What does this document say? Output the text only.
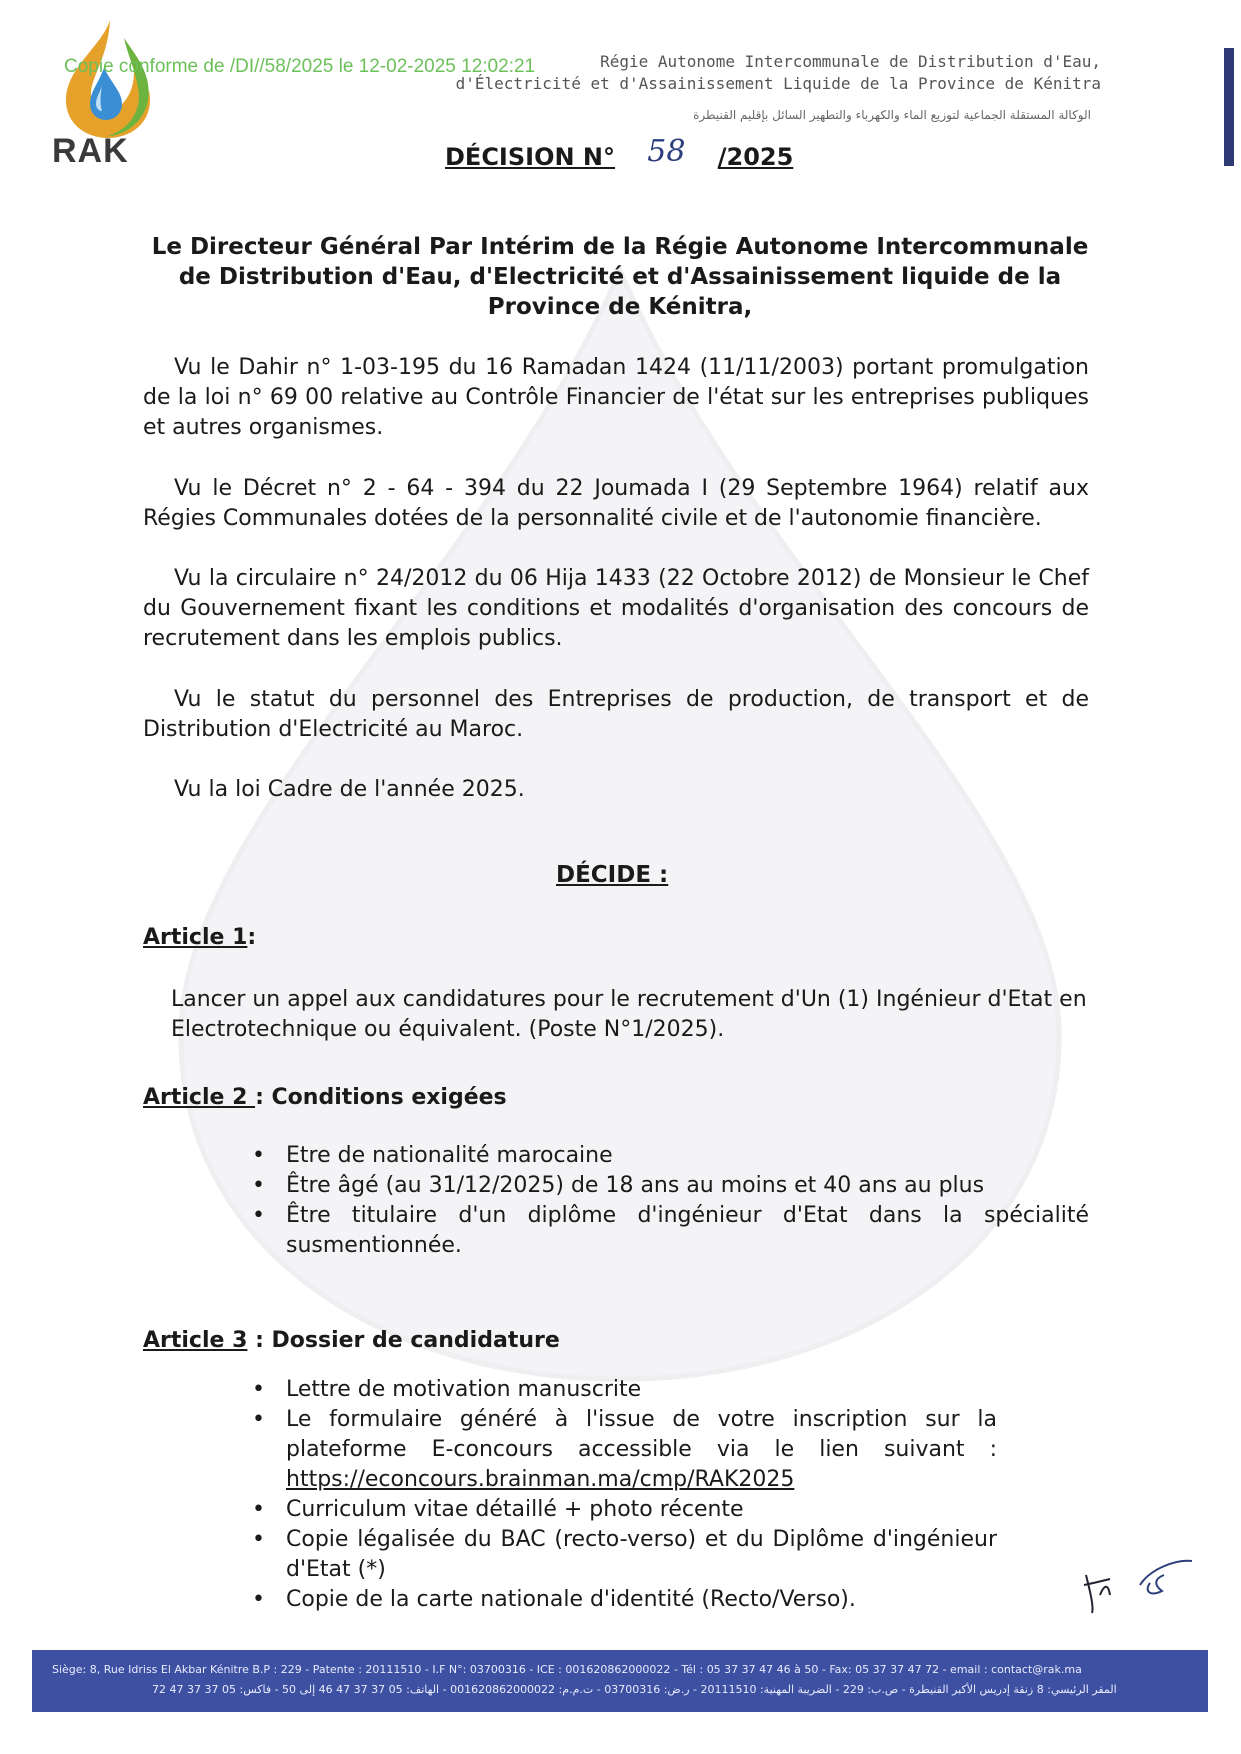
RAK
Copie conforme de /DI//58/2025 le 12-02-2025 12:02:21	Régie Autonome Intercommunale de Distribution d'Eau,
d'Électricité et d'Assainissement Liquide de la Province de Kénitra
الوكالة المستقلة الجماعية لتوزيع الماء والكهرباء والتطهير السائل بإقليم القنيطرة
DÉCISION N° 58 /2025
Le Directeur Général Par Intérim de la Régie Autonome Intercommunale de Distribution d'Eau, d'Electricité et d'Assainissement liquide de la Province de Kénitra,
Vu le Dahir n° 1-03-195 du 16 Ramadan 1424 (11/11/2003) portant promulgation de la loi n° 69 00 relative au Contrôle Financier de l'état sur les entreprises publiques et autres organismes.
Vu le Décret n° 2 - 64 - 394 du 22 Joumada I (29 Septembre 1964) relatif aux Régies Communales dotées de la personnalité civile et de l'autonomie financière.
Vu la circulaire n° 24/2012 du 06 Hija 1433 (22 Octobre 2012) de Monsieur le Chef du Gouvernement fixant les conditions et modalités d'organisation des concours de recrutement dans les emplois publics.
Vu le statut du personnel des Entreprises de production, de transport et de Distribution d'Electricité au Maroc.
Vu la loi Cadre de l'année 2025.
DÉCIDE :
Article 1:
Lancer un appel aux candidatures pour le recrutement d'Un (1) Ingénieur d'Etat en Electrotechnique ou équivalent. (Poste N°1/2025).
Article 2 : Conditions exigées
• Etre de nationalité marocaine
• Être âgé (au 31/12/2025) de 18 ans au moins et 40 ans au plus
• Être titulaire d'un diplôme d'ingénieur d'Etat dans la spécialité susmentionnée.
Article 3 : Dossier de candidature
• Lettre de motivation manuscrite
• Le formulaire généré à l'issue de votre inscription sur la plateforme E-concours accessible via le lien suivant : https://econcours.brainman.ma/cmp/RAK2025
• Curriculum vitae détaillé + photo récente
• Copie légalisée du BAC (recto-verso) et du Diplôme d'ingénieur d'Etat (*)
• Copie de la carte nationale d'identité (Recto/Verso).
Siège: 8, Rue Idriss El Akbar Kénitre B.P : 229 - Patente : 20111510 - I.F N°: 03700316 - ICE : 001620862000022 - Tél : 05 37 37 47 46 à 50 - Fax: 05 37 37 47 72 - email : contact@rak.ma
المقر الرئيسي: 8 زنقة إدريس الأكبر القنيطرة - ص.ب: 229 - الضريبة المهنية: 20111510 - ر.ض: 03700316 - ت.م.م: 001620862000022 - الهاتف: 05 37 37 47 46 إلى 50 - فاكس: 05 37 37 47 72
